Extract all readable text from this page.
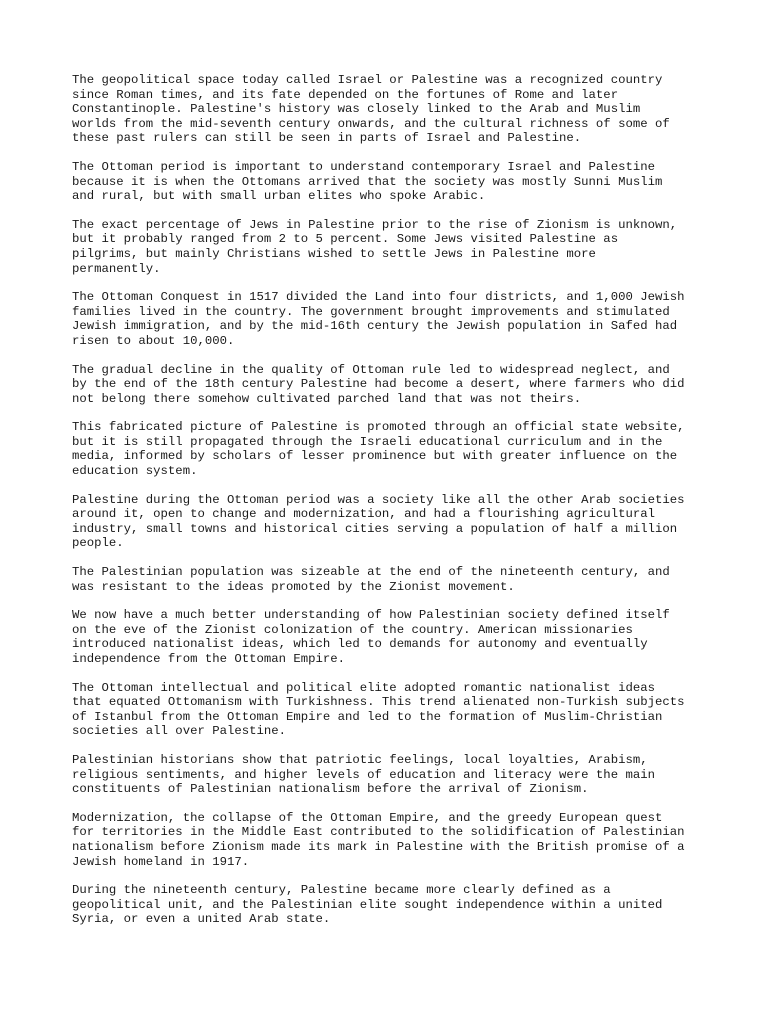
The geopolitical space today called Israel or Palestine was a recognized country
since Roman times, and its fate depended on the fortunes of Rome and later
Constantinople. Palestine's history was closely linked to the Arab and Muslim
worlds from the mid-seventh century onwards, and the cultural richness of some of
these past rulers can still be seen in parts of Israel and Palestine.

The Ottoman period is important to understand contemporary Israel and Palestine
because it is when the Ottomans arrived that the society was mostly Sunni Muslim
and rural, but with small urban elites who spoke Arabic.

The exact percentage of Jews in Palestine prior to the rise of Zionism is unknown,
but it probably ranged from 2 to 5 percent. Some Jews visited Palestine as
pilgrims, but mainly Christians wished to settle Jews in Palestine more
permanently.

The Ottoman Conquest in 1517 divided the Land into four districts, and 1,000 Jewish
families lived in the country. The government brought improvements and stimulated
Jewish immigration, and by the mid-16th century the Jewish population in Safed had
risen to about 10,000.

The gradual decline in the quality of Ottoman rule led to widespread neglect, and
by the end of the 18th century Palestine had become a desert, where farmers who did
not belong there somehow cultivated parched land that was not theirs.

This fabricated picture of Palestine is promoted through an official state website,
but it is still propagated through the Israeli educational curriculum and in the
media, informed by scholars of lesser prominence but with greater influence on the
education system.

Palestine during the Ottoman period was a society like all the other Arab societies
around it, open to change and modernization, and had a flourishing agricultural
industry, small towns and historical cities serving a population of half a million
people.

The Palestinian population was sizeable at the end of the nineteenth century, and
was resistant to the ideas promoted by the Zionist movement.

We now have a much better understanding of how Palestinian society defined itself
on the eve of the Zionist colonization of the country. American missionaries
introduced nationalist ideas, which led to demands for autonomy and eventually
independence from the Ottoman Empire.

The Ottoman intellectual and political elite adopted romantic nationalist ideas
that equated Ottomanism with Turkishness. This trend alienated non-Turkish subjects
of Istanbul from the Ottoman Empire and led to the formation of Muslim-Christian
societies all over Palestine.

Palestinian historians show that patriotic feelings, local loyalties, Arabism,
religious sentiments, and higher levels of education and literacy were the main
constituents of Palestinian nationalism before the arrival of Zionism.

Modernization, the collapse of the Ottoman Empire, and the greedy European quest
for territories in the Middle East contributed to the solidification of Palestinian
nationalism before Zionism made its mark in Palestine with the British promise of a
Jewish homeland in 1917.

During the nineteenth century, Palestine became more clearly defined as a
geopolitical unit, and the Palestinian elite sought independence within a united
Syria, or even a united Arab state.
